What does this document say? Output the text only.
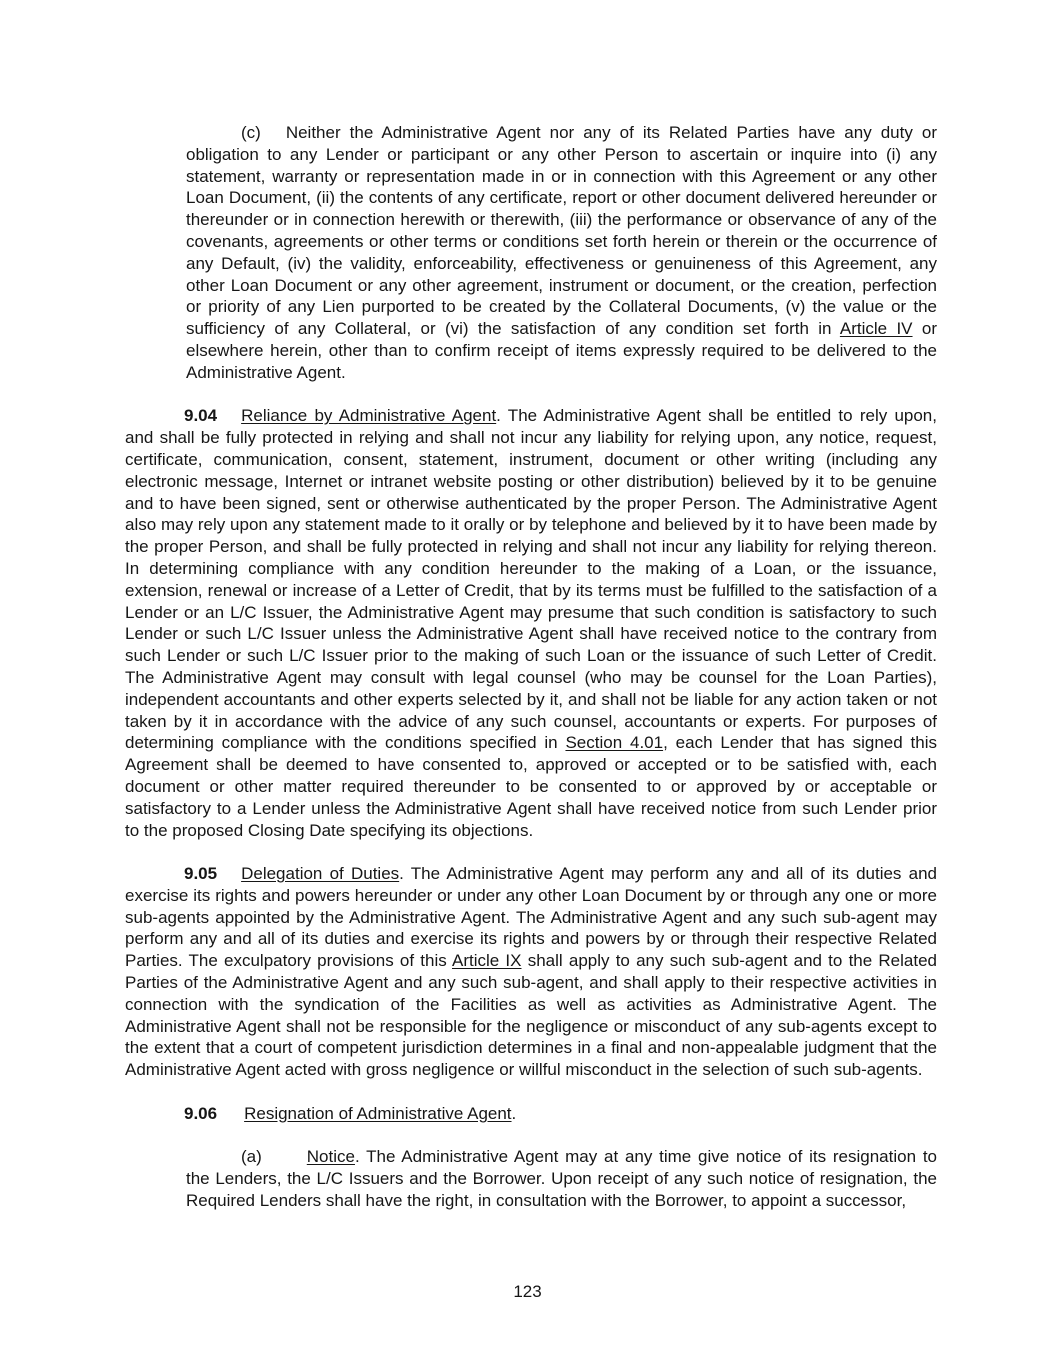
(c) Neither the Administrative Agent nor any of its Related Parties have any duty or obligation to any Lender or participant or any other Person to ascertain or inquire into (i) any statement, warranty or representation made in or in connection with this Agreement or any other Loan Document, (ii) the contents of any certificate, report or other document delivered hereunder or thereunder or in connection herewith or therewith, (iii) the performance or observance of any of the covenants, agreements or other terms or conditions set forth herein or therein or the occurrence of any Default, (iv) the validity, enforceability, effectiveness or genuineness of this Agreement, any other Loan Document or any other agreement, instrument or document, or the creation, perfection or priority of any Lien purported to be created by the Collateral Documents, (v) the value or the sufficiency of any Collateral, or (vi) the satisfaction of any condition set forth in Article IV or elsewhere herein, other than to confirm receipt of items expressly required to be delivered to the Administrative Agent.

9.04 Reliance by Administrative Agent. The Administrative Agent shall be entitled to rely upon, and shall be fully protected in relying and shall not incur any liability for relying upon, any notice, request, certificate, communication, consent, statement, instrument, document or other writing (including any electronic message, Internet or intranet website posting or other distribution) believed by it to be genuine and to have been signed, sent or otherwise authenticated by the proper Person. The Administrative Agent also may rely upon any statement made to it orally or by telephone and believed by it to have been made by the proper Person, and shall be fully protected in relying and shall not incur any liability for relying thereon. In determining compliance with any condition hereunder to the making of a Loan, or the issuance, extension, renewal or increase of a Letter of Credit, that by its terms must be fulfilled to the satisfaction of a Lender or an L/C Issuer, the Administrative Agent may presume that such condition is satisfactory to such Lender or such L/C Issuer unless the Administrative Agent shall have received notice to the contrary from such Lender or such L/C Issuer prior to the making of such Loan or the issuance of such Letter of Credit. The Administrative Agent may consult with legal counsel (who may be counsel for the Loan Parties), independent accountants and other experts selected by it, and shall not be liable for any action taken or not taken by it in accordance with the advice of any such counsel, accountants or experts. For purposes of determining compliance with the conditions specified in Section 4.01, each Lender that has signed this Agreement shall be deemed to have consented to, approved or accepted or to be satisfied with, each document or other matter required thereunder to be consented to or approved by or acceptable or satisfactory to a Lender unless the Administrative Agent shall have received notice from such Lender prior to the proposed Closing Date specifying its objections.

9.05 Delegation of Duties. The Administrative Agent may perform any and all of its duties and exercise its rights and powers hereunder or under any other Loan Document by or through any one or more sub-agents appointed by the Administrative Agent. The Administrative Agent and any such sub-agent may perform any and all of its duties and exercise its rights and powers by or through their respective Related Parties. The exculpatory provisions of this Article IX shall apply to any such sub-agent and to the Related Parties of the Administrative Agent and any such sub-agent, and shall apply to their respective activities in connection with the syndication of the Facilities as well as activities as Administrative Agent. The Administrative Agent shall not be responsible for the negligence or misconduct of any sub-agents except to the extent that a court of competent jurisdiction determines in a final and non-appealable judgment that the Administrative Agent acted with gross negligence or willful misconduct in the selection of such sub-agents.

9.06 Resignation of Administrative Agent.

(a)	Notice. The Administrative Agent may at any time give notice of its resignation to the Lenders, the L/C Issuers and the Borrower. Upon receipt of any such notice of resignation, the Required Lenders shall have the right, in consultation with the Borrower, to appoint a successor,

123
